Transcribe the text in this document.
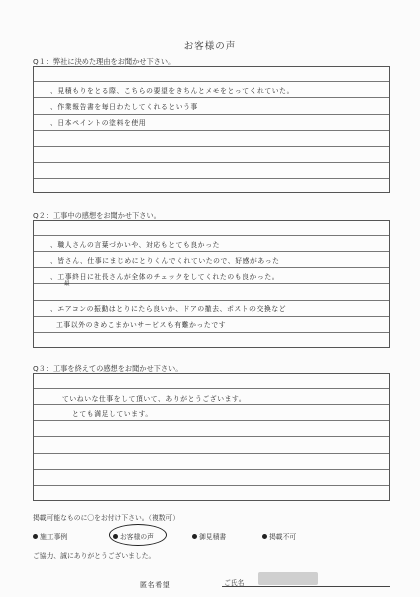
お客様の声
Q１：弊社に決めた理由をお聞かせ下さい。
、見積もりをとる際、こちらの要望をきちんとメモをとってくれていた。
、作業報告書を毎日わたしてくれるという事
、日本ペイントの塗料を使用
Q２：工事中の感想をお聞かせ下さい。
、職人さんの言葉づかいや、対応もとても良かった
、皆さん、仕事にまじめにとりくんでくれていたので、好感があった
、工事終日に社長さんが全体のチェックをしてくれたのも良かった。
最
、エアコンの振動はとりにたら良いか、ドアの撤去、ポストの交換など
工事以外のきめこまかいサービスも有難かったです
Q３：工事を終えての感想をお聞かせ下さい。
ていねいな仕事をして頂いて、ありがとうございます。
とても満足しています。
掲載可能なものに〇をお付け下さい。（複数可）
施工事例	お客様の声	御見積書	掲載不可
ご協力、誠にありがとうございました。
ご氏名
匿名希望
